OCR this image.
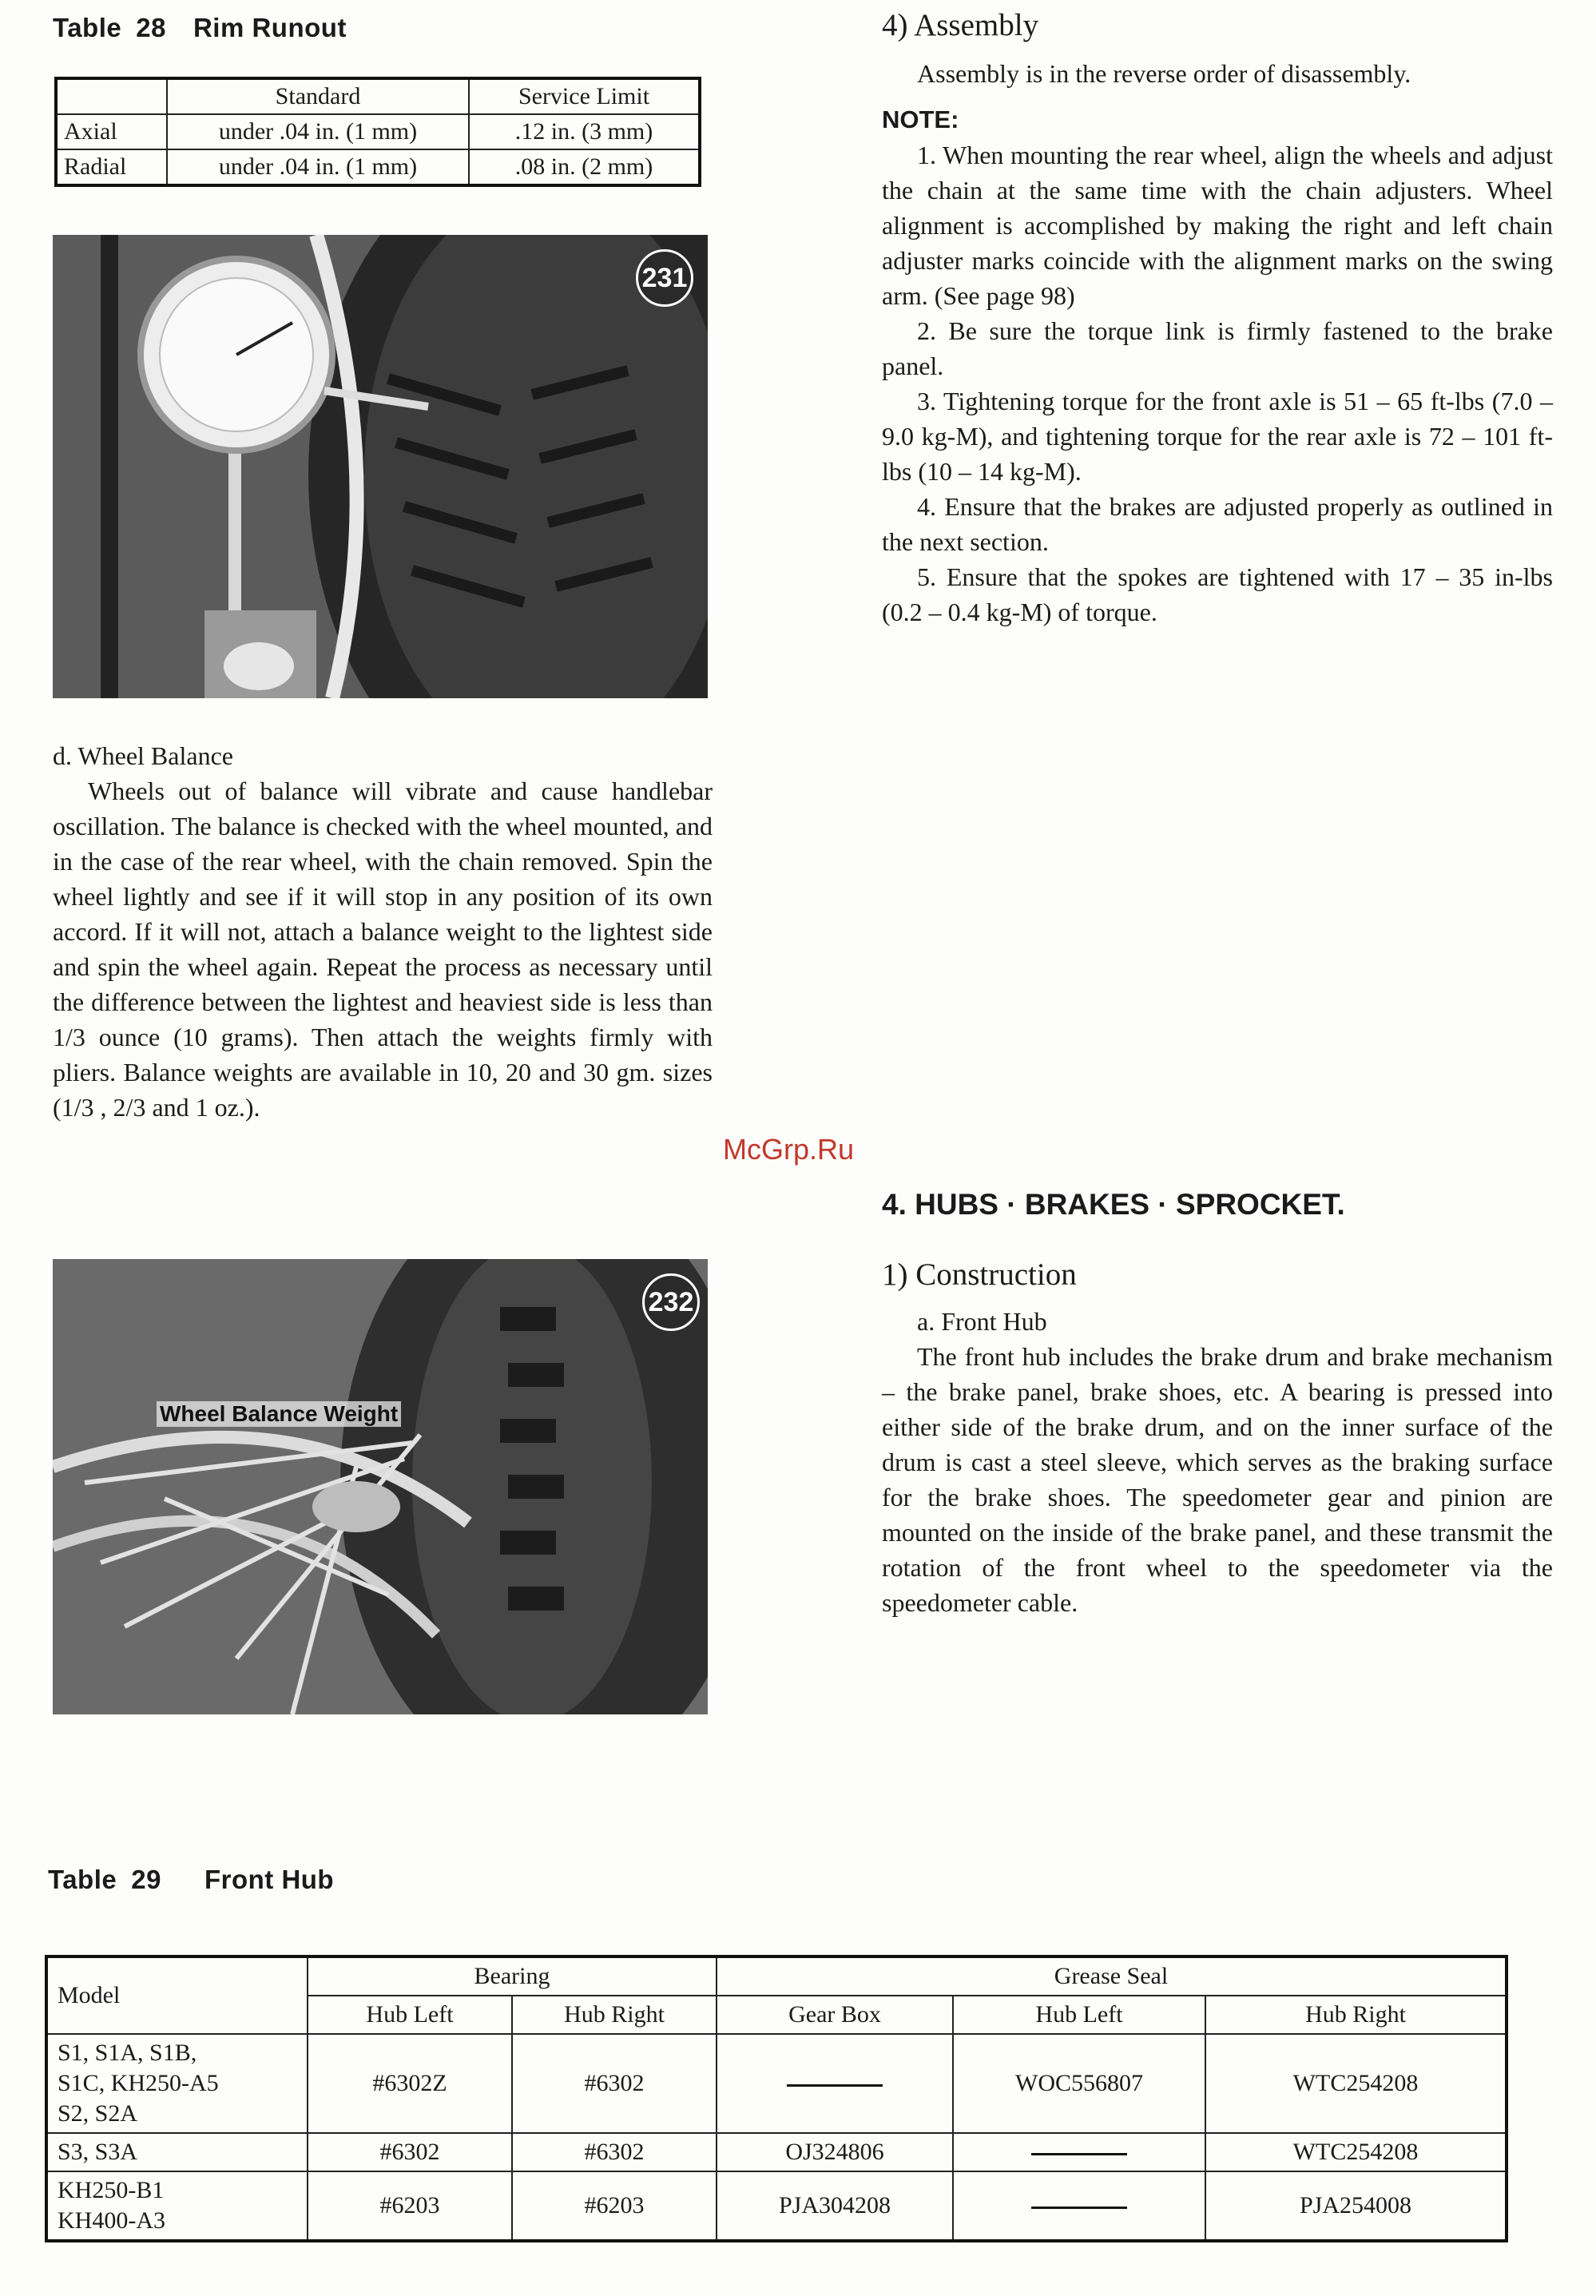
Table 28 Rim Runout
	Standard	Service Limit
Axial	under .04 in. (1 mm)	.12 in. (3 mm)
Radial	under .04 in. (1 mm)	.08 in. (2 mm)
231

d. Wheel Balance

Wheels out of balance will vibrate and cause handlebar oscillation. The balance is checked with the wheel mounted, and in the case of the rear wheel, with the chain removed. Spin the wheel lightly and see if it will stop in any position of its own accord. If it will not, attach a balance weight to the lightest side and spin the wheel again. Repeat the process as necessary until the difference between the lightest and heaviest side is less than 1/3 ounce (10 grams). Then attach the weights firmly with pliers. Balance weights are available in 10, 20 and 30 gm. sizes (1/3 , 2/3 and 1 oz.).

Wheel Balance Weight
232

4) Assembly

Assembly is in the reverse order of disassembly.

NOTE:

1. When mounting the rear wheel, align the wheels and adjust the chain at the same time with the chain adjusters. Wheel alignment is accomplished by making the right and left chain adjuster marks coincide with the alignment marks on the swing arm. (See page 98)

2. Be sure the torque link is firmly fastened to the brake panel.

3. Tightening torque for the front axle is 51 – 65 ft-lbs (7.0 – 9.0 kg-M), and tightening torque for the rear axle is 72 – 101 ft-lbs (10 – 14 kg-M).

4. Ensure that the brakes are adjusted properly as outlined in the next section.

5. Ensure that the spokes are tightened with 17 – 35 in-lbs (0.2 – 0.4 kg-M) of torque.

McGrp.Ru

4. HUBS · BRAKES · SPROCKET.

1) Construction

a. Front Hub

The front hub includes the brake drum and brake mechanism – the brake panel, brake shoes, etc. A bearing is pressed into either side of the brake drum, and on the inner surface of the drum is cast a steel sleeve, which serves as the braking surface for the brake shoes. The speedometer gear and pinion are mounted on the inside of the brake panel, and these transmit the rotation of the front wheel to the speedometer via the speedometer cable.

Table 29 Front Hub
Model	Bearing		Grease Seal		
	Hub Left	Hub Right	Gear Box	Hub Left	Hub Right

S1, S1A, S1B,
S1C, KH250-A5
S2, S2A	#6302Z	#6302		WOC556807	WTC254208

S3, S3A	#6302	#6302	OJ324806		WTC254208

KH250-B1
KH400-A3	#6203	#6203	PJA304208		PJA254008
